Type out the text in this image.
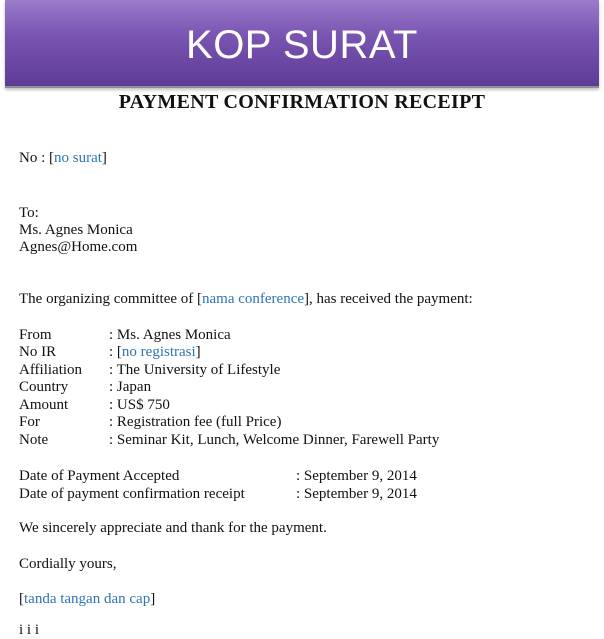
KOP SURAT
PAYMENT CONFIRMATION RECEIPT
No : [no surat]
To:
Ms. Agnes Monica
Agnes@Home.com
The organizing committee of [nama conference], has received the payment:
From	: Ms. Agnes Monica
No IR	: [no registrasi]
Affiliation : The University of Lifestyle
Country	: Japan
Amount	: US$ 750
For	: Registration fee (full Price)
Note	: Seminar Kit, Lunch, Welcome Dinner, Farewell Party
Date of Payment Accepted	: September 9, 2014
Date of payment confirmation receipt	: September 9, 2014
We sincerely appreciate and thank for the payment.
Cordially yours,
[tanda tangan dan cap]
i i i
